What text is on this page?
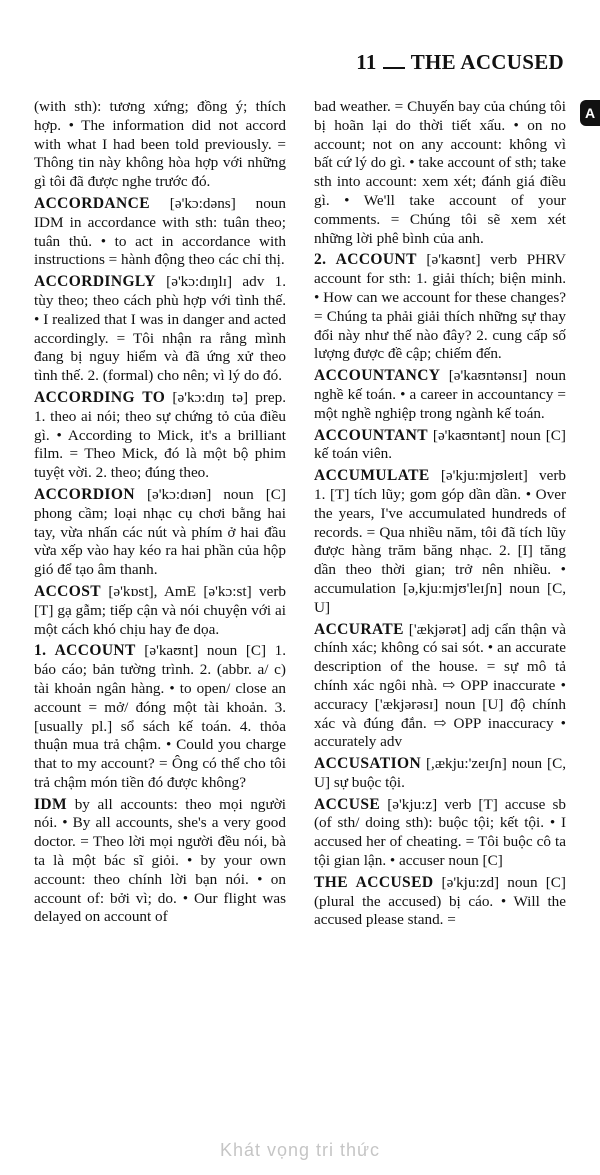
11 THE ACCUSED
A
(with sth): tương xứng; đồng ý; thích hợp. • The information did not accord with what I had been told previously. = Thông tin này không hòa hợp với những gì tôi đã được nghe trước đó.
ACCORDANCE [ə'kɔ:dəns] noun IDM in accordance with sth: tuân theo; tuân thủ. • to act in accordance with instructions = hành động theo các chỉ thị.
ACCORDINGLY [ə'kɔ:dɪŋlɪ] adv 1. tùy theo; theo cách phù hợp với tình thế. • I realized that I was in danger and acted accordingly. = Tôi nhận ra rằng mình đang bị nguy hiểm và đã ứng xử theo tình thế. 2. (formal) cho nên; vì lý do đó.
ACCORDING TO [ə'kɔ:dɪŋ tə] prep. 1. theo ai nói; theo sự chứng tỏ của điều gì. • According to Mick, it's a brilliant film. = Theo Mick, đó là một bộ phim tuyệt vời. 2. theo; đúng theo.
ACCORDION [ə'kɔ:dɪən] noun [C] phong cầm; loại nhạc cụ chơi bằng hai tay, vừa nhấn các nút và phím ở hai đầu vừa xếp vào hay kéo ra hai phần của hộp gió để tạo âm thanh.
ACCOST [ə'kɒst], AmE [ə'kɔ:st] verb [T] gạ gẫm; tiếp cận và nói chuyện với ai một cách khó chịu hay đe dọa.
1. ACCOUNT [ə'kaʊnt] noun [C] 1. báo cáo; bản tường trình. 2. (abbr. a/ c) tài khoản ngân hàng. • to open/ close an account = mở/ đóng một tài khoản. 3. [usually pl.] sổ sách kế toán. 4. thỏa thuận mua trả chậm. • Could you charge that to my account? = Ông có thể cho tôi trả chậm món tiền đó được không?
IDM by all accounts: theo mọi người nói. • By all accounts, she's a very good doctor. = Theo lời mọi người đều nói, bà ta là một bác sĩ giỏi. • by your own account: theo chính lời bạn nói. • on account of: bởi vì; do. • Our flight was delayed on account of
bad weather. = Chuyến bay của chúng tôi bị hoãn lại do thời tiết xấu. • on no account; not on any account: không vì bất cứ lý do gì. • take account of sth; take sth into account: xem xét; đánh giá điều gì. • We'll take account of your comments. = Chúng tôi sẽ xem xét những lời phê bình của anh.
2. ACCOUNT [ə'kaʊnt] verb PHRV account for sth: 1. giải thích; biện minh. • How can we account for these changes? = Chúng ta phải giải thích những sự thay đổi này như thế nào đây? 2. cung cấp số lượng được đề cập; chiếm đến.
ACCOUNTANCY [ə'kaʊntənsɪ] noun nghề kế toán. • a career in accountancy = một nghề nghiệp trong ngành kế toán.
ACCOUNTANT [ə'kaʊntənt] noun [C] kế toán viên.
ACCUMULATE [ə'kju:mjʊleɪt] verb 1. [T] tích lũy; gom góp dần dần. • Over the years, I've accumulated hundreds of records. = Qua nhiều năm, tôi đã tích lũy được hàng trăm băng nhạc. 2. [I] tăng dần theo thời gian; trở nên nhiều. • accumulation [ə,kju:mjʊ'leɪʃn] noun [C, U]
ACCURATE ['ækjərət] adj cẩn thận và chính xác; không có sai sót. • an accurate description of the house. = sự mô tả chính xác ngôi nhà. ⇨ OPP inaccurate • accuracy ['ækjərəsɪ] noun [U] độ chính xác và đúng đắn. ⇨ OPP inaccuracy • accurately adv
ACCUSATION [,ækju:'zeɪʃn] noun [C, U] sự buộc tội.
ACCUSE [ə'kju:z] verb [T] accuse sb (of sth/ doing sth): buộc tội; kết tội. • I accused her of cheating. = Tôi buộc cô ta tội gian lận. • accuser noun [C]
THE ACCUSED [ə'kju:zd] noun [C] (plural the accused) bị cáo. • Will the accused please stand. =
Khát vọng tri thức
